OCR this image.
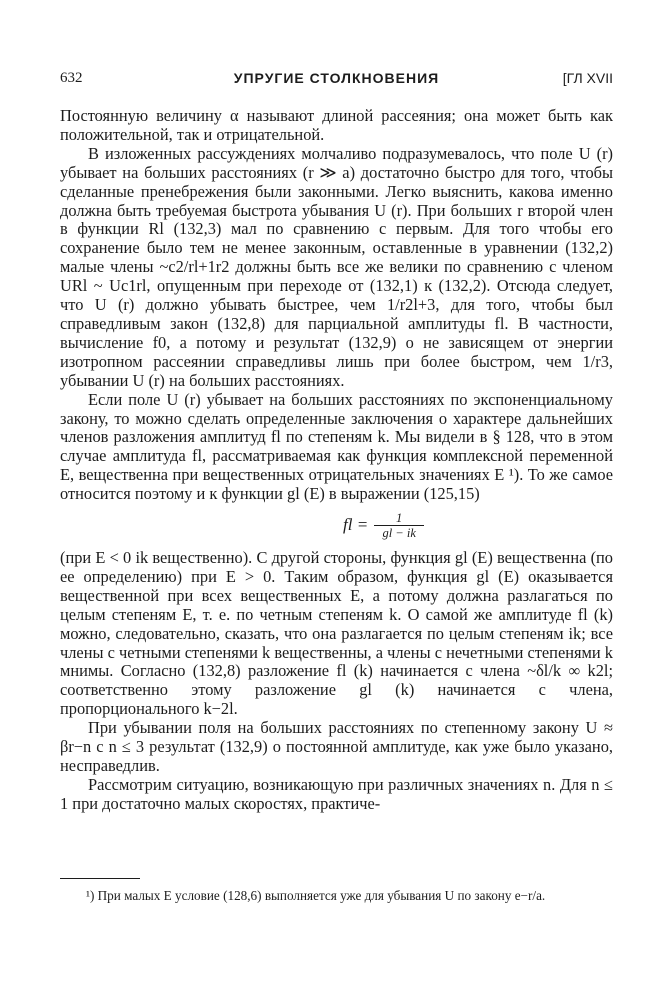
632	УПРУГИЕ СТОЛКНОВЕНИЯ	[ГЛ XVII

Постоянную величину α называют длиной рассеяния; она может быть как положительной, так и отрицательной.

В изложенных рассуждениях молчаливо подразумевалось, что поле U (r) убывает на больших расстояниях (r ≫ a) достаточно быстро для того, чтобы сделанные пренебрежения были законными. Легко выяснить, какова именно должна быть требуемая быстрота убывания U (r). При больших r второй член в функции Rl (132,3) мал по сравнению с первым. Для того чтобы его сохранение было тем не менее законным, оставленные в уравнении (132,2) малые члены ~c2/rl+1r2 должны быть все же велики по сравнению с членом URl ~ Uc1rl, опущенным при переходе от (132,1) к (132,2). Отсюда следует, что U (r) должно убывать быстрее, чем 1/r2l+3, для того, чтобы был справедливым закон (132,8) для парциальной амплитуды fl. В частности, вычисление f0, а потому и результат (132,9) о не зависящем от энергии изотропном рассеянии справедливы лишь при более быстром, чем 1/r3, убывании U (r) на больших расстояниях.

Если поле U (r) убывает на больших расстояниях по экспоненциальному закону, то можно сделать определенные заключения о характере дальнейших членов разложения амплитуд fl по степеням k. Мы видели в § 128, что в этом случае амплитуда fl, рассматриваемая как функция комплексной переменной E, вещественна при вещественных отрицательных значениях E ¹). То же самое относится поэтому и к функции gl (E) в выражении (125,15)

fl = $\frac{1}{gl - ik}$

(при E < 0 ik вещественно). С другой стороны, функция gl (E) вещественна (по ее определению) при E > 0. Таким образом, функция gl (E) оказывается вещественной при всех вещественных E, а потому должна разлагаться по целым степеням E, т. е. по четным степеням k. О самой же амплитуде fl (k) можно, следовательно, сказать, что она разлагается по целым степеням ik; все члены с четными степенями k вещественны, а члены с нечетными степенями k мнимы. Согласно (132,8) разложение fl (k) начинается с члена ~δl/k ∞ k2l; соответственно этому разложение gl (k) начинается с члена, пропорционального k−2l.

При убывании поля на больших расстояниях по степенному закону U ≈ βr−n с n ≤ 3 результат (132,9) о постоянной амплитуде, как уже было указано, несправедлив.

Рассмотрим ситуацию, возникающую при различных значениях n. Для n ≤ 1 при достаточно малых скоростях, практиче-

¹) При малых E условие (128,6) выполняется уже для убывания U по закону e−r/a.
